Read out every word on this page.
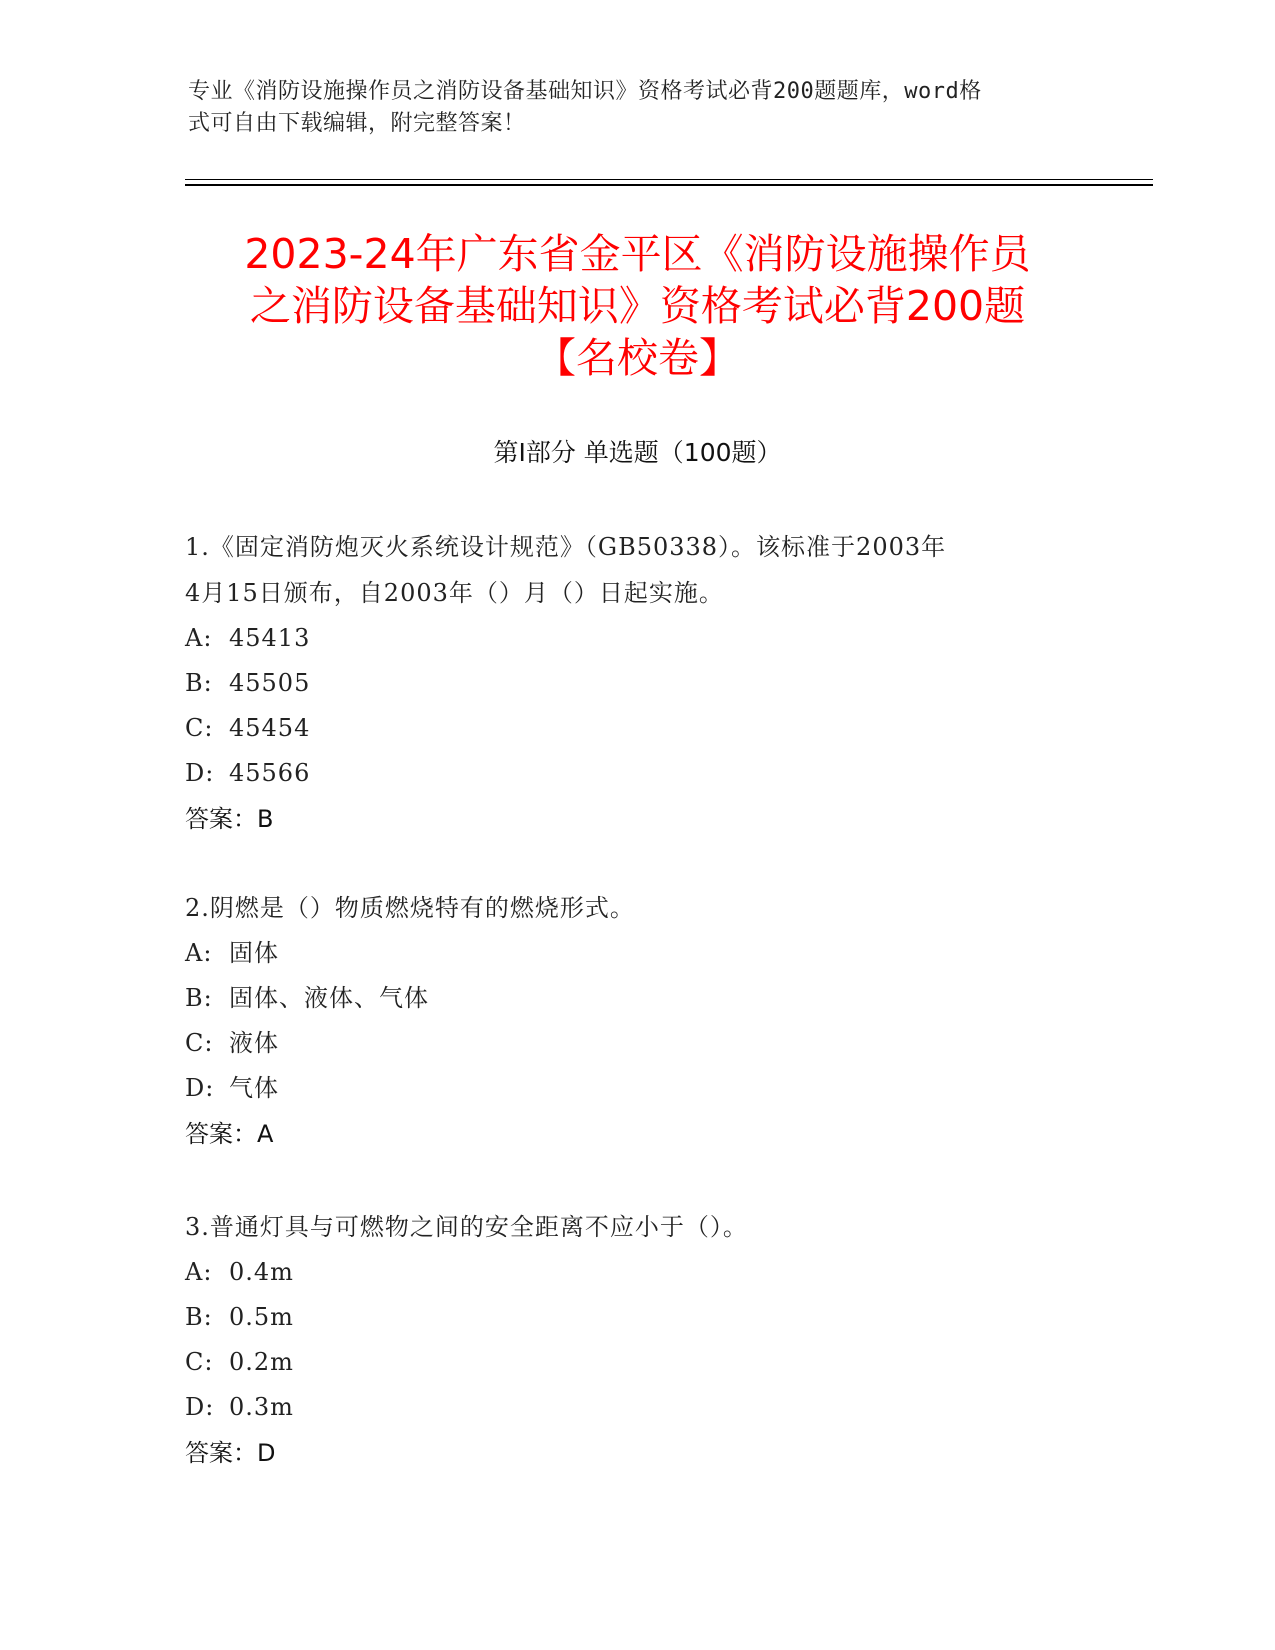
专业《消防设施操作员之消防设备基础知识》资格考试必背200题题库，word格
式可自由下载编辑，附完整答案！
2023-24年广东省金平区《消防设施操作员
之消防设备基础知识》资格考试必背200题
【名校卷】
第Ⅰ部分 单选题（100题）

1.《固定消防炮灭火系统设计规范》（GB50338）。该标准于2003年

4月15日颁布，自2003年（）月（）日起实施。

A: 45413

B: 45505

C: 45454

D: 45566

答案：B

2.阴燃是（）物质燃烧特有的燃烧形式。

A: 固体

B: 固体、液体、气体

C: 液体

D: 气体

答案：A

3.普通灯具与可燃物之间的安全距离不应小于（）。

A: 0.4m

B: 0.5m

C: 0.2m

D: 0.3m

答案：D
